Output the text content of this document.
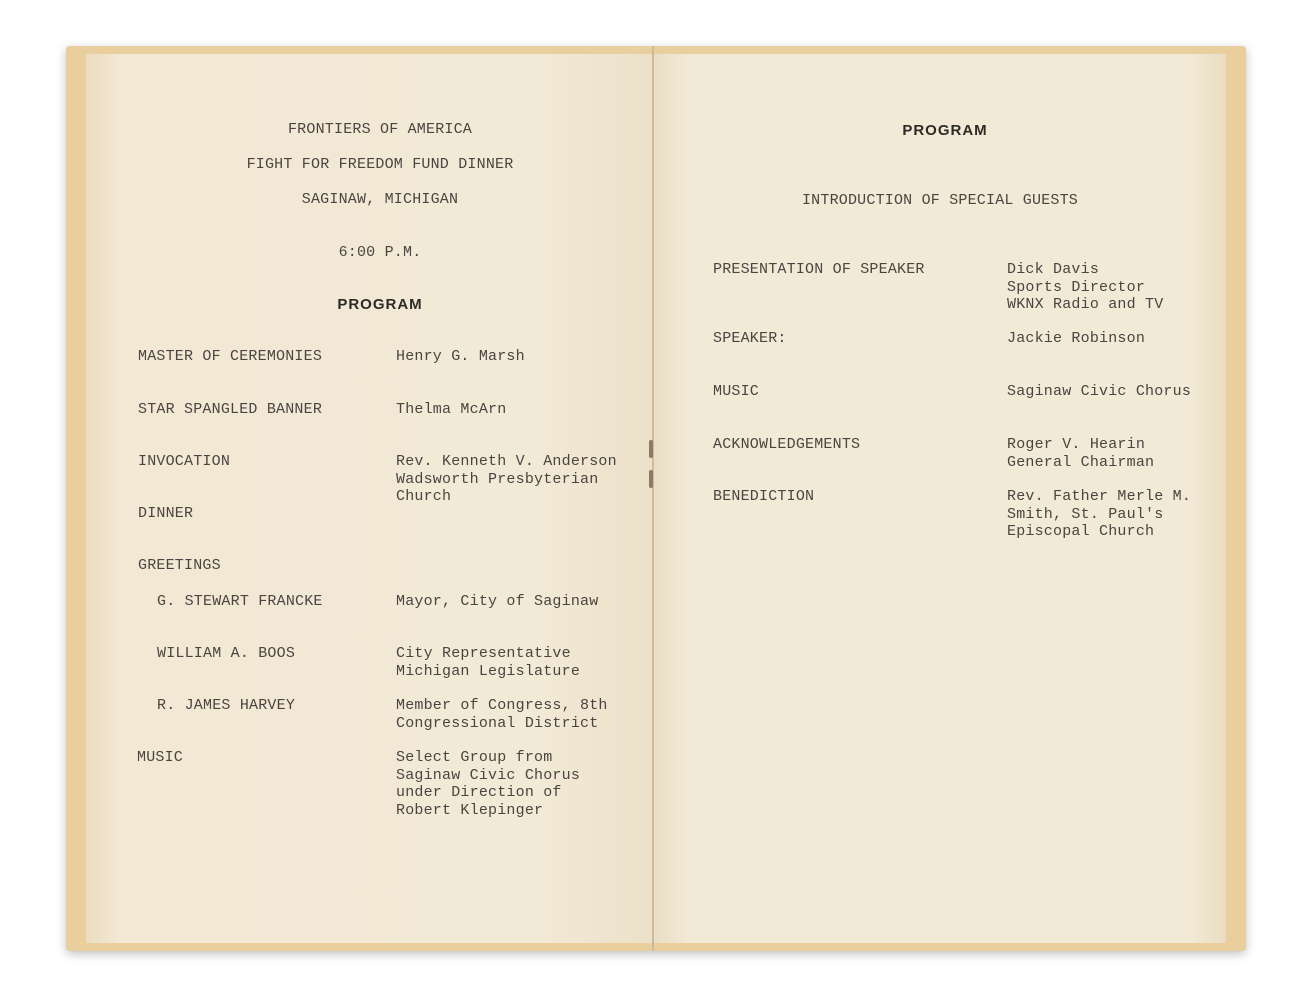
FRONTIERS OF AMERICA
FIGHT FOR FREEDOM FUND DINNER
SAGINAW, MICHIGAN
6:00 P.M.
PROGRAM
MASTER OF CEREMONIES	Henry G. Marsh
STAR SPANGLED BANNER	Thelma McArn
INVOCATION	Rev. Kenneth V. Anderson
Wadsworth Presbyterian
Church
DINNER
GREETINGS
G. STEWART FRANCKE	Mayor, City of Saginaw
WILLIAM A. BOOS	City Representative
Michigan Legislature
R. JAMES HARVEY	Member of Congress, 8th
Congressional District
MUSIC	Select Group from
Saginaw Civic Chorus
under Direction of
Robert Klepinger
PROGRAM
INTRODUCTION OF SPECIAL GUESTS
PRESENTATION OF SPEAKER	Dick Davis
Sports Director
WKNX Radio and TV
SPEAKER:	Jackie Robinson
MUSIC	Saginaw Civic Chorus
ACKNOWLEDGEMENTS	Roger V. Hearin
General Chairman
BENEDICTION	Rev. Father Merle M.
Smith, St. Paul's
Episcopal Church
